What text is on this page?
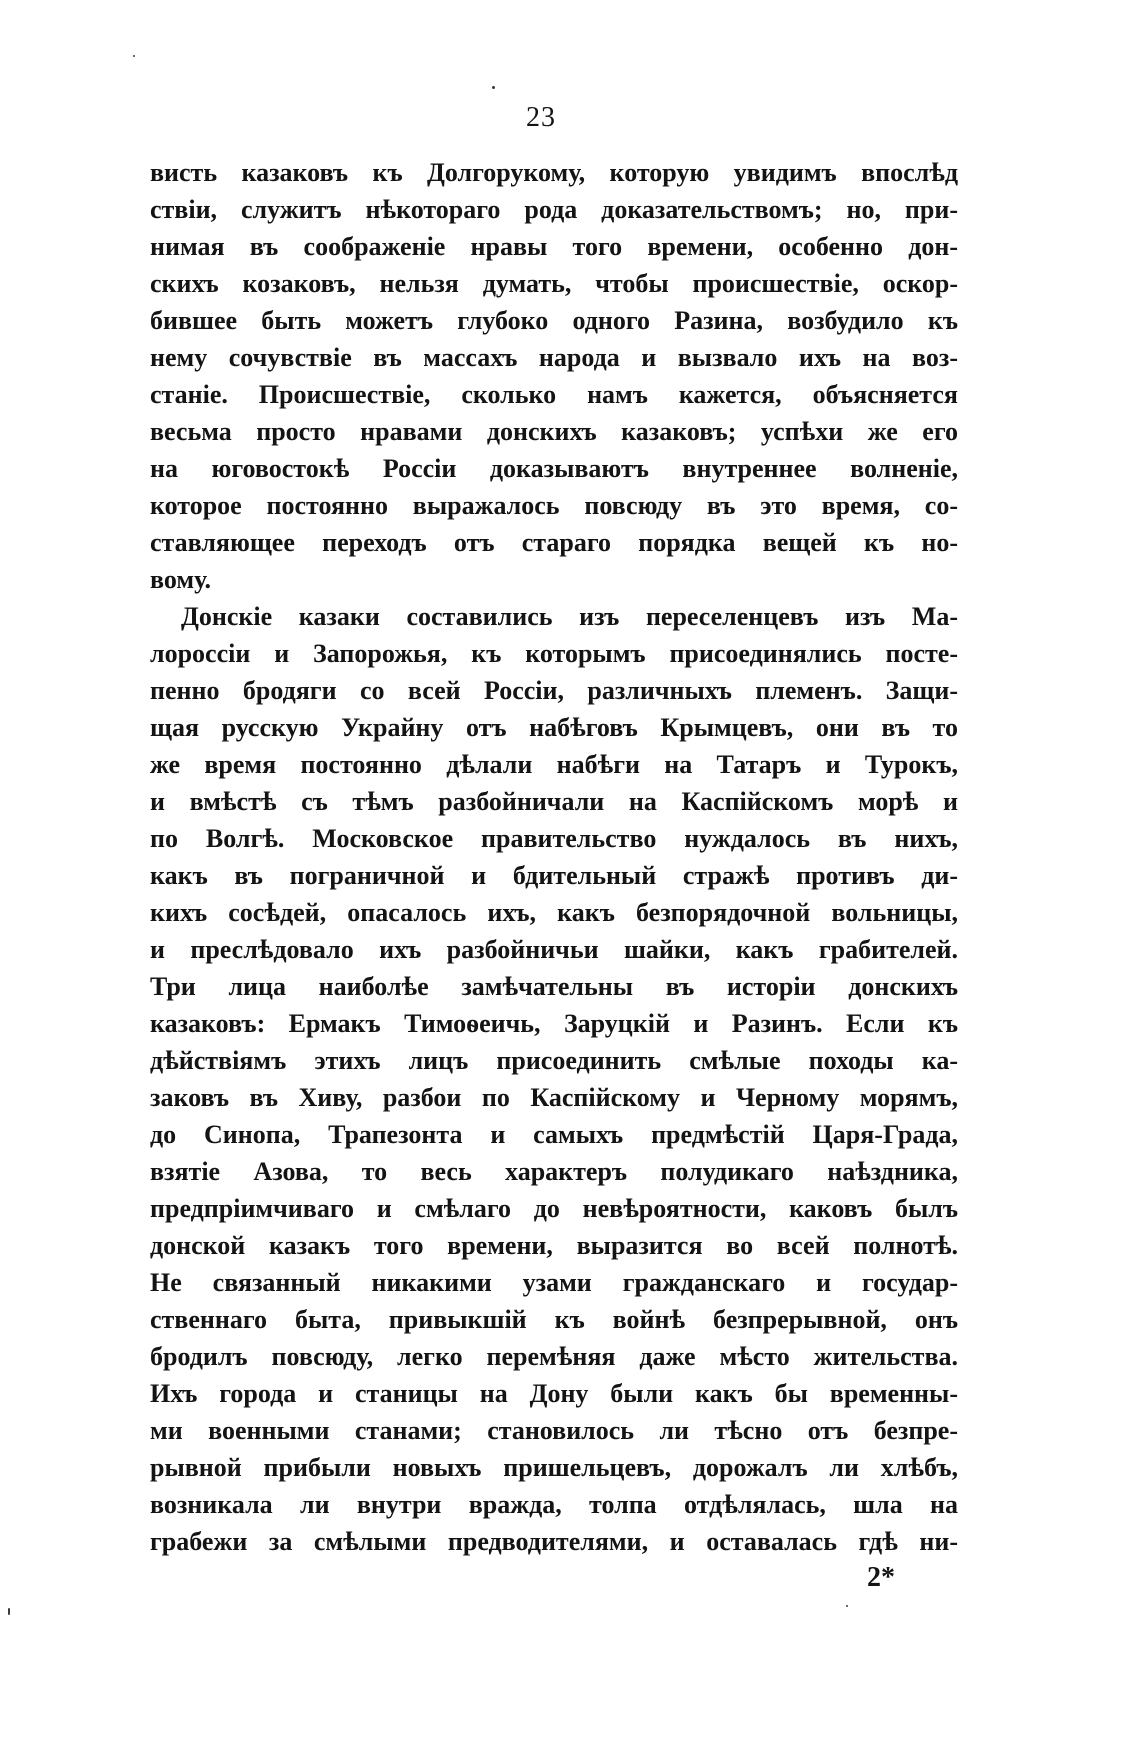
23
висть казаковъ къ Долгорукому, которую увидимъ впослѣд
ствіи, служитъ нѣкотораго рода доказательствомъ; но, при-
нимая въ соображеніе нравы того времени, особенно дон-
скихъ козаковъ, нельзя думать, чтобы происшествіе, оскор-
бившее быть можетъ глубоко одного Разина, возбудило къ
нему сочувствіе въ массахъ народа и вызвало ихъ на воз-
станіе. Происшествіе, сколько намъ кажется, объясняется
весьма просто нравами донскихъ казаковъ; успѣхи же его
на юговостокѣ Россіи доказываютъ внутреннее волненіе,
которое постоянно выражалось повсюду въ это время, со-
ставляющее переходъ отъ стараго порядка вещей къ но-
вому.
Донскіе казаки составились изъ переселенцевъ изъ Ма-
лороссіи и Запорожья, къ которымъ присоединялись посте-
пенно бродяги со всей Россіи, различныхъ племенъ. Защи-
щая русскую Украйну отъ набѣговъ Крымцевъ, они въ то
же время постоянно дѣлали набѣги на Татаръ и Турокъ,
и вмѣстѣ съ тѣмъ разбойничали на Каспійскомъ морѣ и
по Волгѣ. Московское правительство нуждалось въ нихъ,
какъ въ пограничной и бдительный стражѣ противъ ди-
кихъ сосѣдей, опасалось ихъ, какъ безпорядочной вольницы,
и преслѣдовало ихъ разбойничьи шайки, какъ грабителей.
Три лица наиболѣе замѣчательны въ исторіи донскихъ
казаковъ: Ермакъ Тимоѳеичь, Заруцкій и Разинъ. Если къ
дѣйствіямъ этихъ лицъ присоединить смѣлые походы ка-
заковъ въ Хиву, разбои по Каспійскому и Черному морямъ,
до Синопа, Трапезонта и самыхъ предмѣстій Царя-Града,
взятіе Азова, то весь характеръ полудикаго наѣздника,
предпріимчиваго и смѣлаго до невѣроятности, каковъ былъ
донской казакъ того времени, выразится во всей полнотѣ.
Не связанный никакими узами гражданскаго и государ-
ственнаго быта, привыкшій къ войнѣ безпрерывной, онъ
бродилъ повсюду, легко перемѣняя даже мѣсто жительства.
Ихъ города и станицы на Дону были какъ бы временны-
ми военными станами; становилось ли тѣсно отъ безпре-
рывной прибыли новыхъ пришельцевъ, дорожалъ ли хлѣбъ,
возникала ли внутри вражда, толпа отдѣлялась, шла на
грабежи за смѣлыми предводителями, и оставалась гдѣ ни-
2*
